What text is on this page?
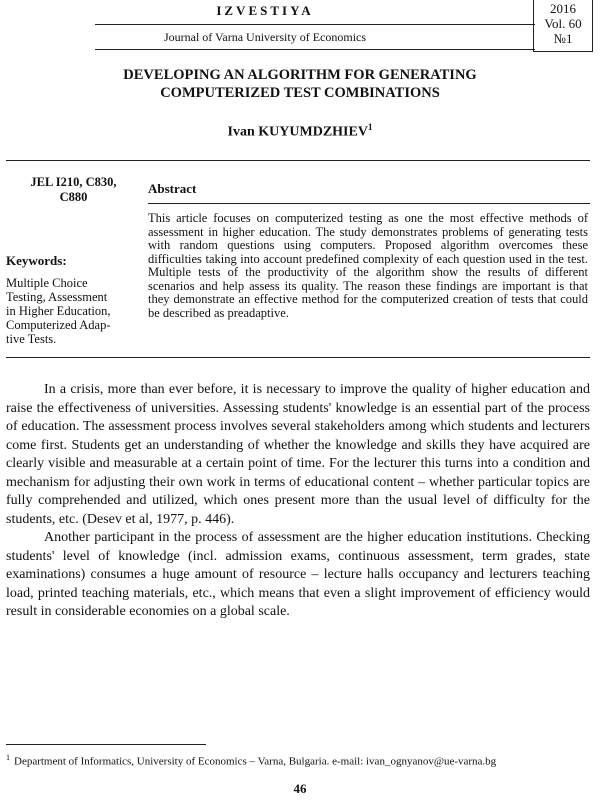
IZVESTIYA
Journal of Varna University of Economics
2016
Vol. 60
№1
DEVELOPING AN ALGORITHM FOR GENERATING
COMPUTERIZED TEST COMBINATIONS
Ivan KUYUMDZHIEV$^1$
JEL I210, C830,
C880
Abstract
This article focuses on computerized testing as one the most effective methods of assessment in higher education. The study demonstrates problems of generating tests with random questions using computers. Proposed algorithm overcomes these difficulties taking into account predefined complexity of each question used in the test. Multiple tests of the productivity of the algorithm show the results of different scenarios and help assess its quality. The reason these findings are important is that they demonstrate an effective method for the computerized creation of tests that could be described as preadaptive.
Keywords:
Multiple Choice
Testing, Assessment
in Higher Education,
Computerized Adap-
tive Tests.

In a crisis, more than ever before, it is necessary to improve the quality of higher education and raise the effectiveness of universities. Assessing students' knowledge is an essential part of the process of education. The assessment process involves several stakeholders among which students and lecturers come first. Students get an understanding of whether the knowledge and skills they have acquired are clearly visible and measurable at a certain point of time. For the lecturer this turns into a condition and mechanism for adjusting their own work in terms of educational content – whether particular topics are fully comprehended and utilized, which ones present more than the usual level of difficulty for the students, etc. (Desev et al, 1977, p. 446).

Another participant in the process of assessment are the higher education institutions. Checking students' level of knowledge (incl. admission exams, continuous assessment, term grades, state examinations) consumes a huge amount of resource – lecture halls occupancy and lecturers teaching load, printed teaching materials, etc., which means that even a slight improvement of efficiency would result in considerable economies on a global scale.

$^1$ Department of Informatics, University of Economics – Varna, Bulgaria. e-mail: ivan_ognyanov@ue-varna.bg
46
